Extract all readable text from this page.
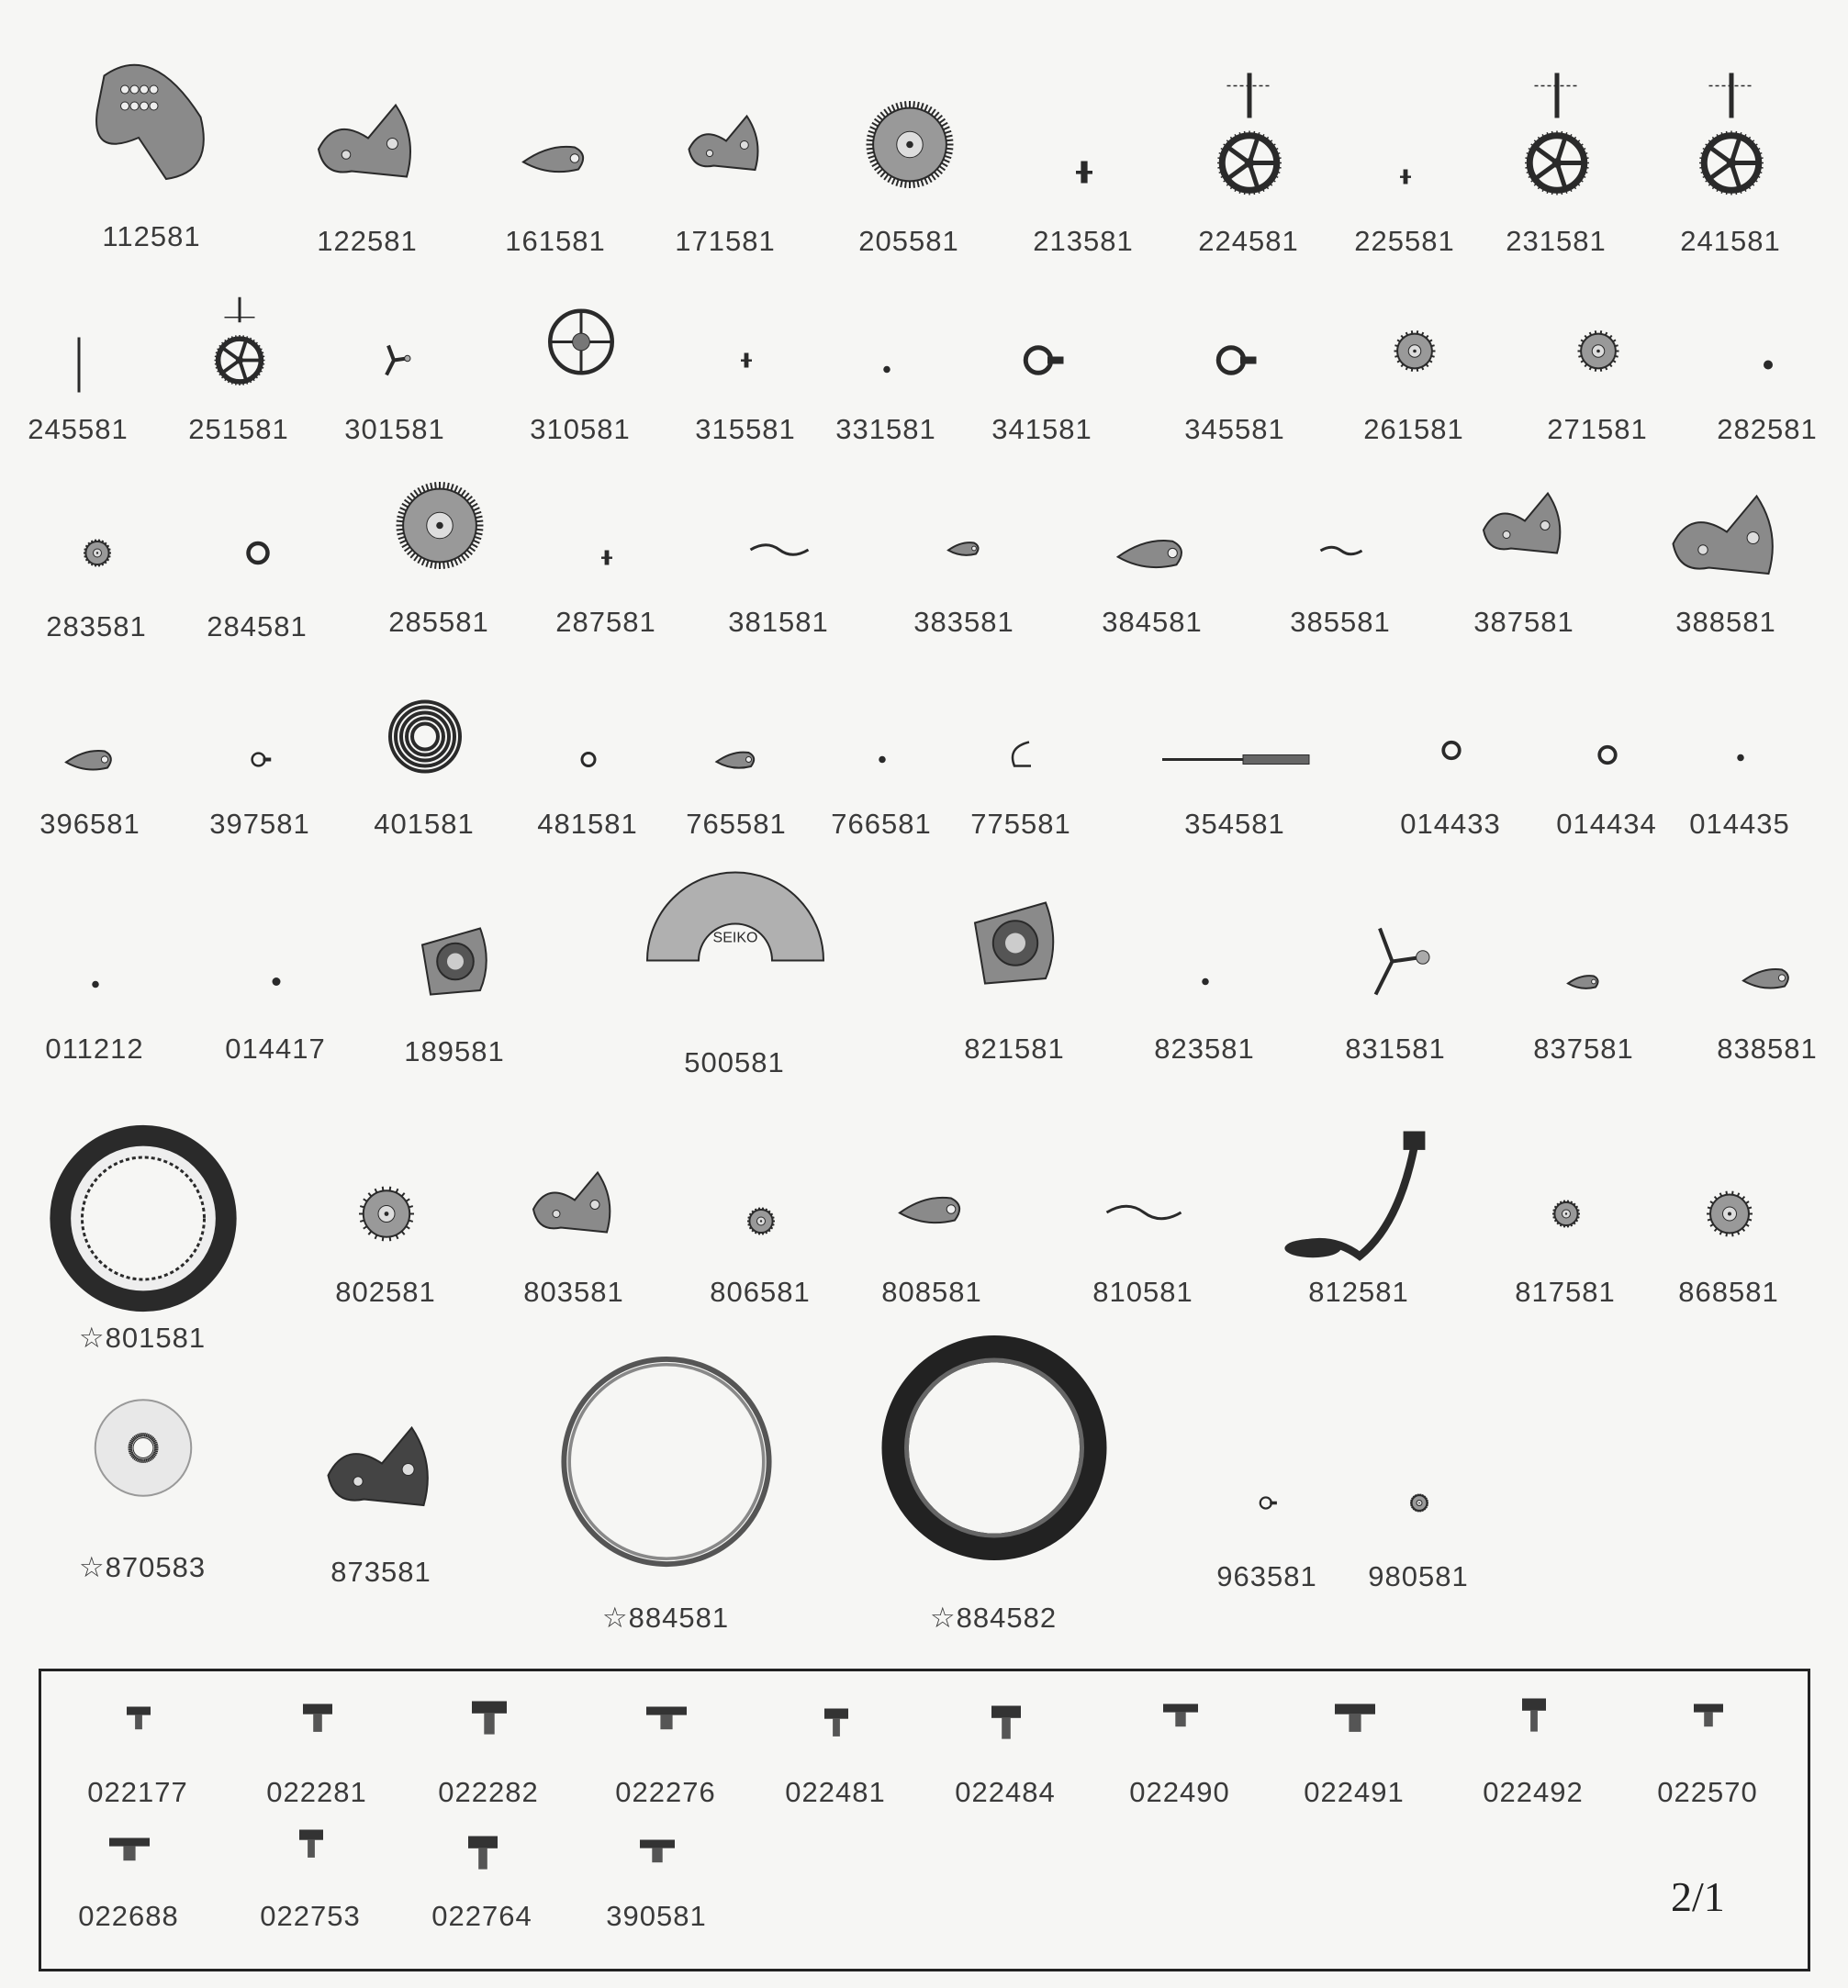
112581	122581	161581 171581	205581	213581 224581 225581 231581	241581
245581 251581 301581	310581 315581 331581 341581	345581	261581	271581 282581
283581 284581	285581 287581	381581	383581	384581	385581	387581	388581
396581 397581 401581 481581 765581 766581 775581	354581	014433 014434 014435
011212	014417	189581
SEIKO
500581	821581	823581	831581	837581	838581
802581	803581	806581	808581	810581	812581	817581 868581
☆801581
☆870583	873581
☆884581	☆884582
963581 980581
022177	022281	022282	022276 022481 022484	022490	022491	022492	022570
022688	022753	022764	390581	2/1
